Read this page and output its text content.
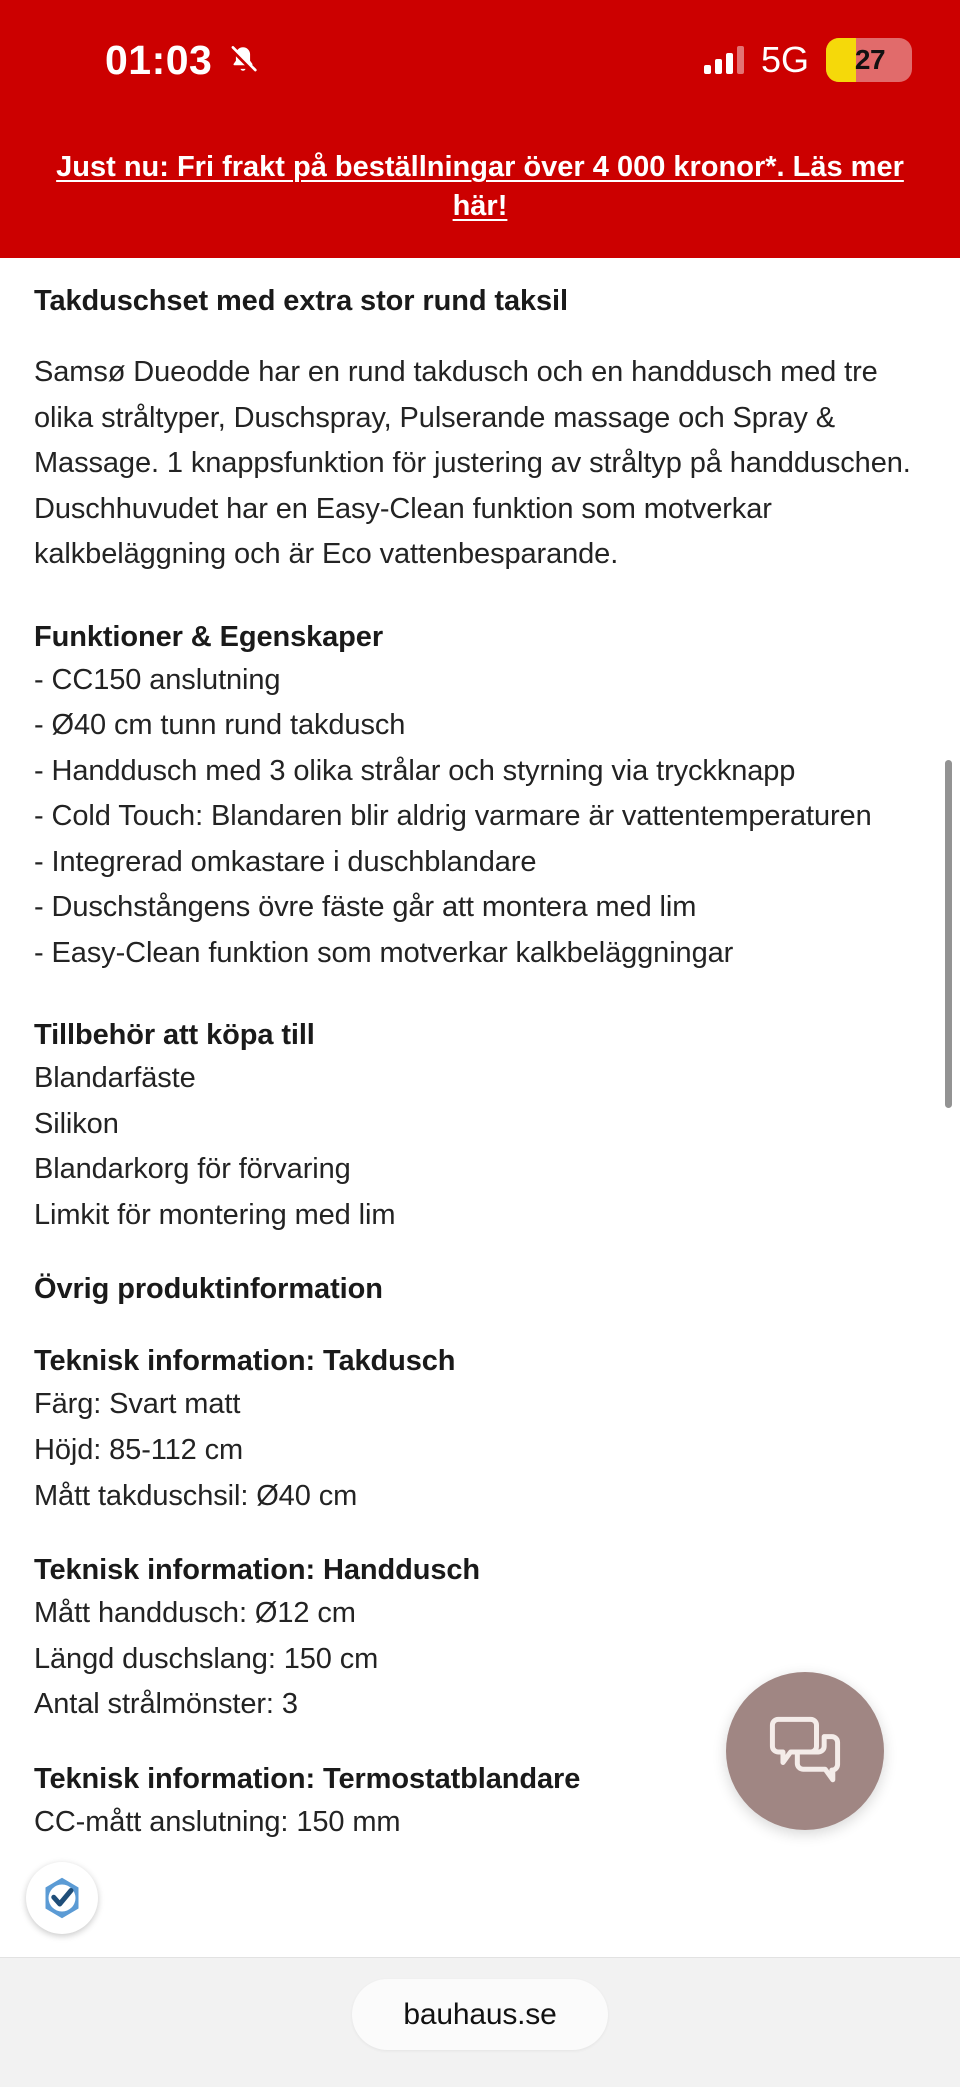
01:03	5G	27
Just nu: Fri frakt på beställningar över 4 000 kronor*. Läs mer här!
Takduschset med extra stor rund taksil
Samsø Dueodde har en rund takdusch och en handdusch med tre olika stråltyper, Duschspray, Pulserande massage och Spray & Massage. 1 knappsfunktion för justering av stråltyp på handduschen. Duschhuvudet har en Easy-Clean funktion som motverkar kalkbeläggning och är Eco vattenbesparande.
Funktioner & Egenskaper
- CC150 anslutning
- Ø40 cm tunn rund takdusch
- Handdusch med 3 olika strålar och styrning via tryckknapp
- Cold Touch: Blandaren blir aldrig varmare är vattentemperaturen
- Integrerad omkastare i duschblandare
- Duschstångens övre fäste går att montera med lim
- Easy-Clean funktion som motverkar kalkbeläggningar
Tillbehör att köpa till
Blandarfäste
Silikon
Blandarkorg för förvaring
Limkit för montering med lim
Övrig produktinformation
Teknisk information: Takdusch
Färg: Svart matt
Höjd: 85-112 cm
Mått takduschsil: Ø40 cm
Teknisk information: Handdusch
Mått handdusch: Ø12 cm
Längd duschslang: 150 cm
Antal strålmönster: 3
Teknisk information: Termostatblandare
CC-mått anslutning: 150 mm
bauhaus.se
